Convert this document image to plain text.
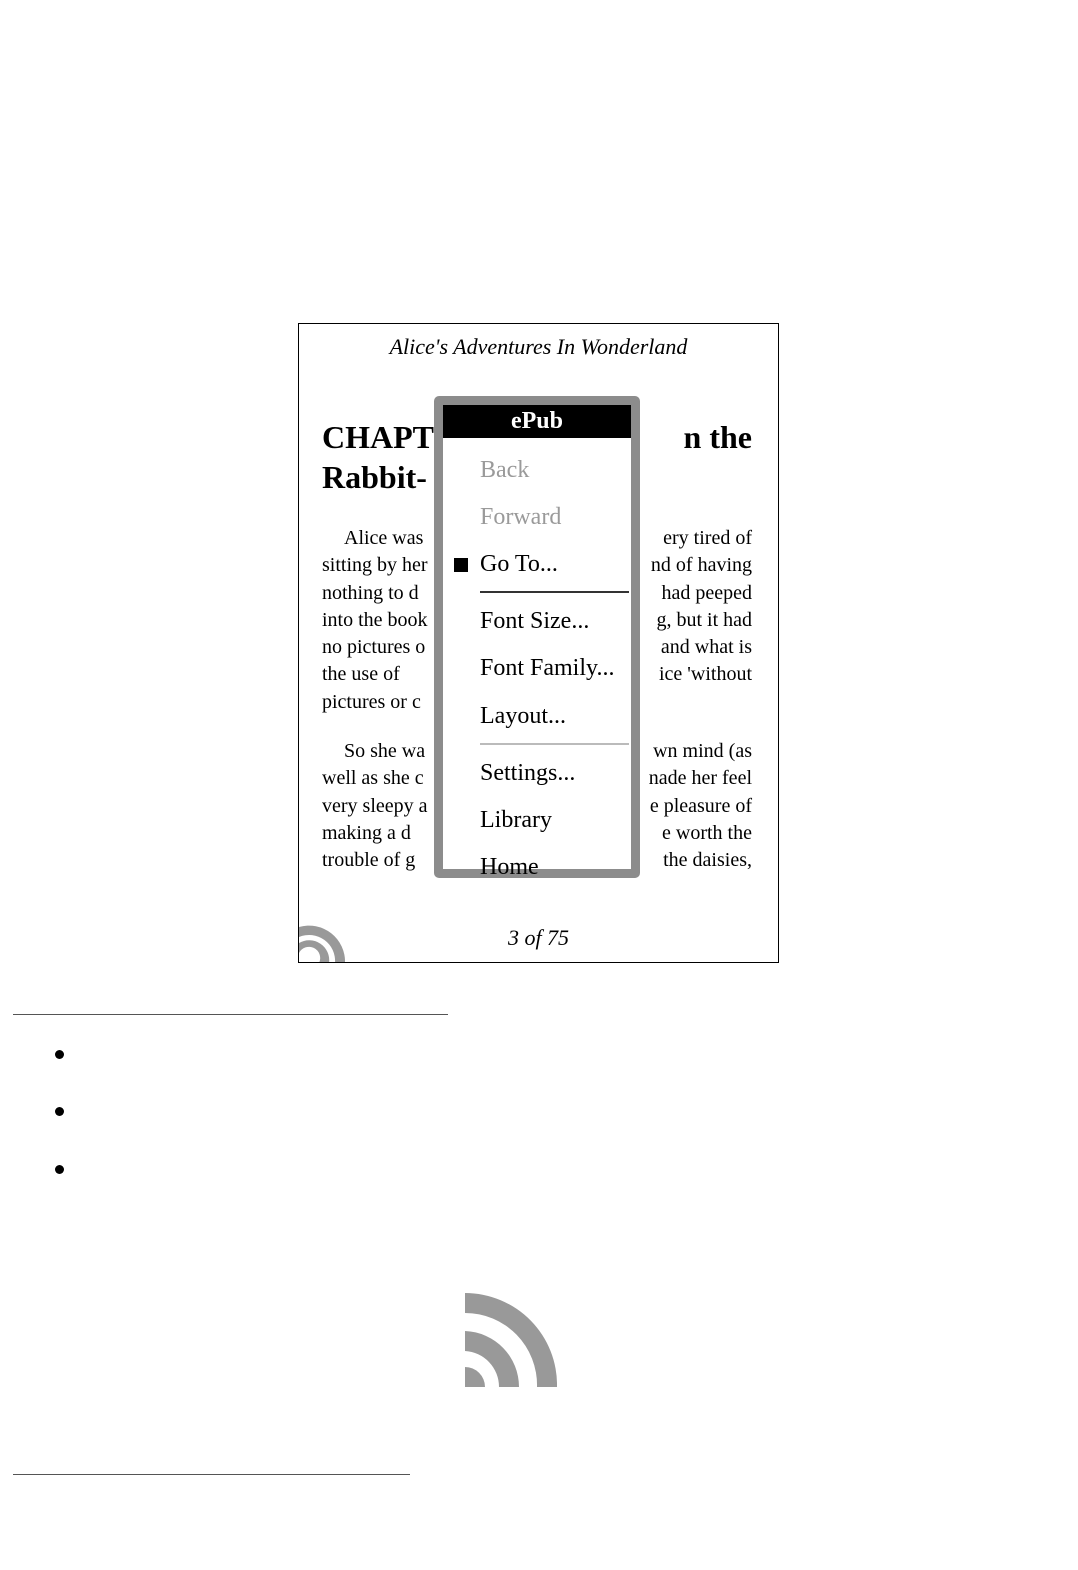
Alice's Adventures In Wonderland
CHAPT	n the
Rabbit-
Alice was	ery tired of
sitting by her	nd of having
nothing to d	had peeped
into the book	g, but it had
no pictures o	and what is
the use of	ice 'without
pictures or c
So she wa	wn mind (as
well as she c	nade her feel
very sleepy a	e pleasure of
making a d	e worth the
trouble of g	the daisies,
3 of 75
ePub
Back
Forward
Go To...
Font Size...
Font Family...
Layout...
Settings...
Library
Home
